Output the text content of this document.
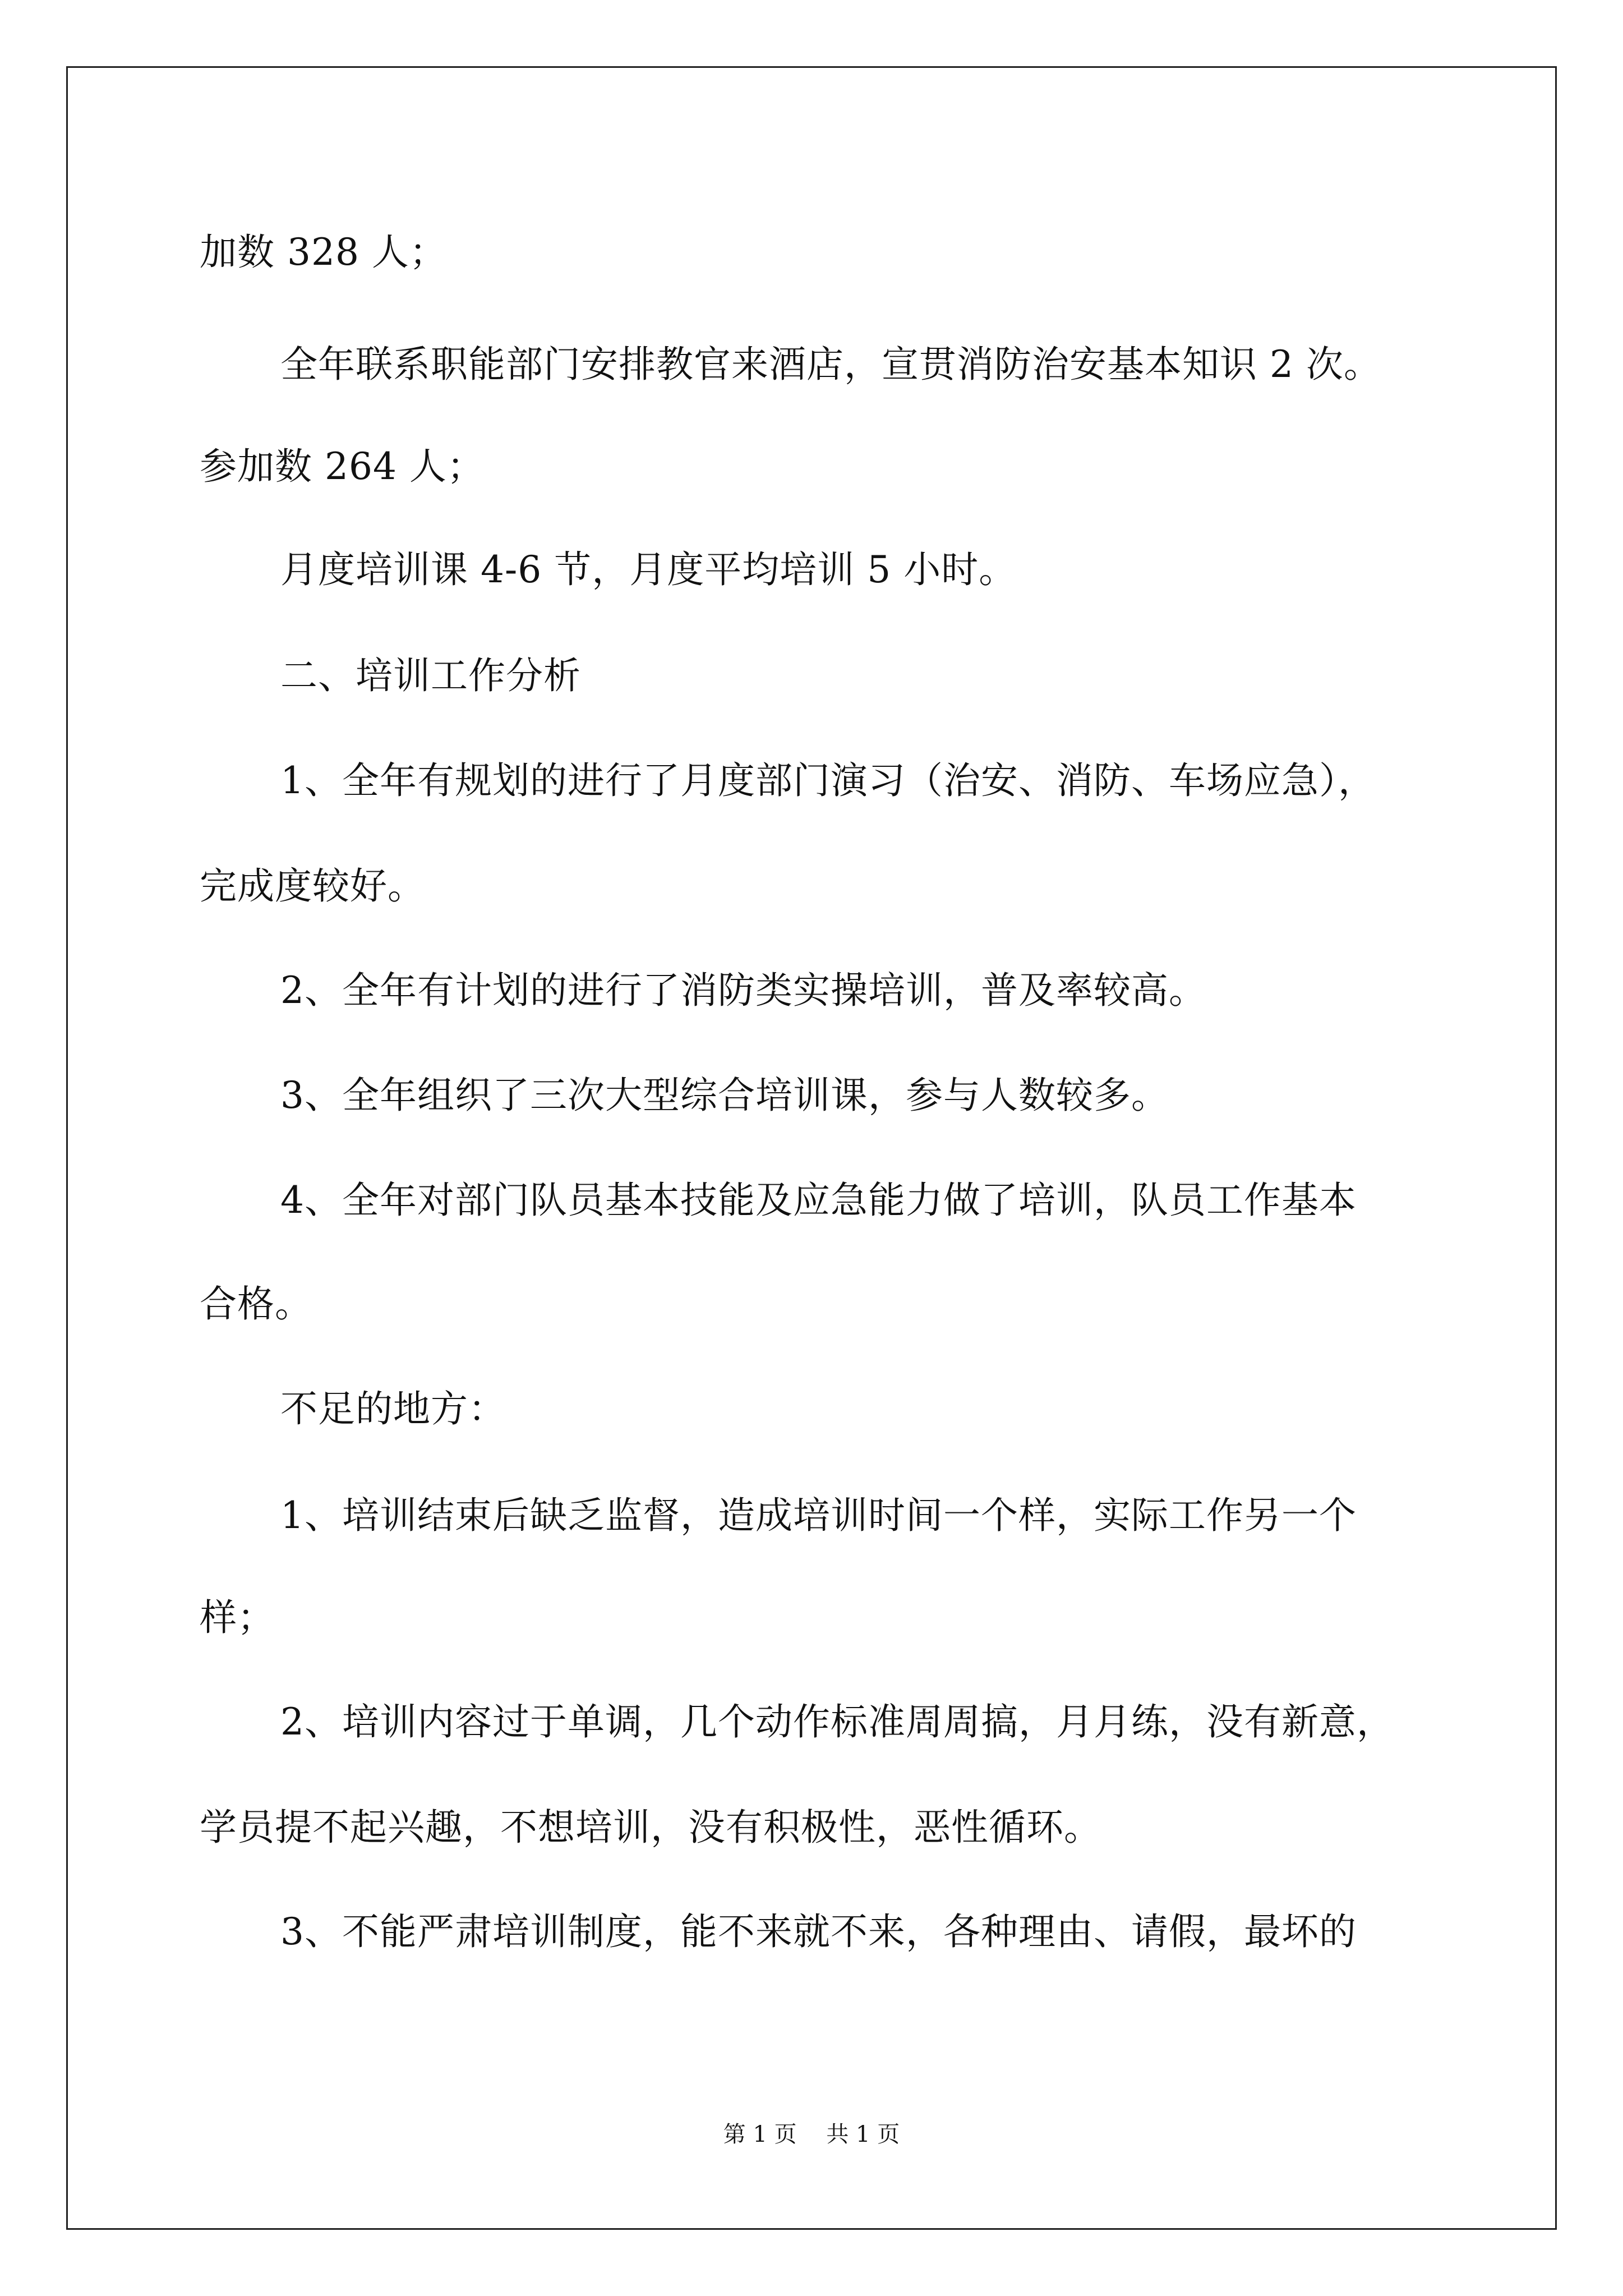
加数 328 人；
全年联系职能部门安排教官来酒店，宣贯消防治安基本知识 2 次。
参加数 264 人；
月度培训课 4-6 节，月度平均培训 5 小时。
二、培训工作分析
1、全年有规划的进行了月度部门演习（治安、消防、车场应急），
完成度较好。
2、全年有计划的进行了消防类实操培训，普及率较高。
3、全年组织了三次大型综合培训课，参与人数较多。
4、全年对部门队员基本技能及应急能力做了培训，队员工作基本
合格。
不足的地方：
1、培训结束后缺乏监督，造成培训时间一个样，实际工作另一个
样；
2、培训内容过于单调，几个动作标准周周搞，月月练，没有新意，
学员提不起兴趣，不想培训，没有积极性，恶性循环。
3、不能严肃培训制度，能不来就不来，各种理由、请假，最坏的
第 1 页　 共 1 页
